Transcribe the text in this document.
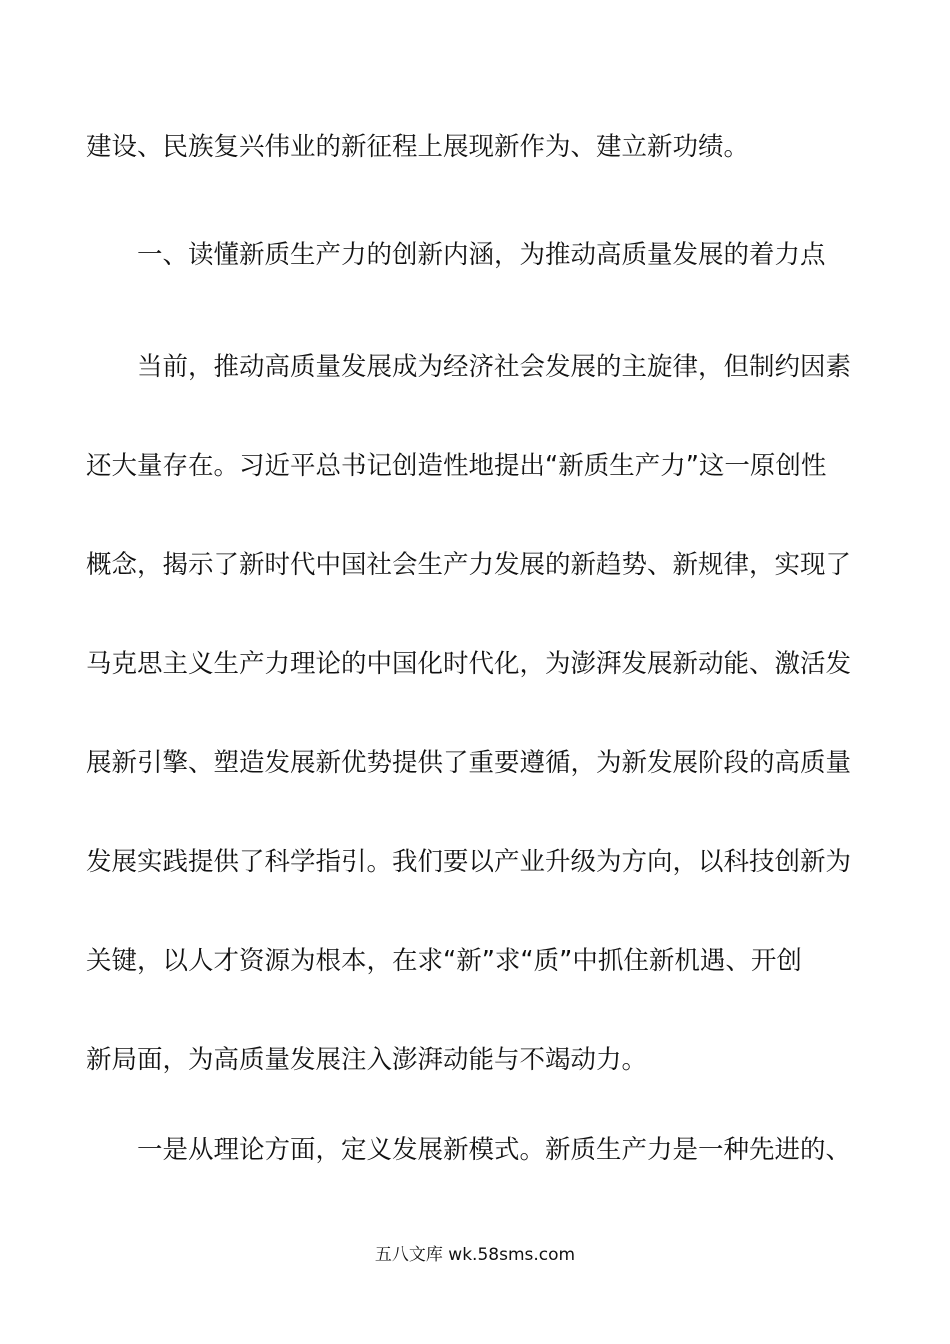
建设、民族复兴伟业的新征程上展现新作为、建立新功绩。
　　一、读懂新质生产力的创新内涵，为推动高质量发展的着力点
　　当前，推动高质量发展成为经济社会发展的主旋律，但制约因素
还大量存在。习近平总书记创造性地提出“新质生产力”这一原创性
概念，揭示了新时代中国社会生产力发展的新趋势、新规律，实现了
马克思主义生产力理论的中国化时代化，为澎湃发展新动能、激活发
展新引擎、塑造发展新优势提供了重要遵循，为新发展阶段的高质量
发展实践提供了科学指引。我们要以产业升级为方向，以科技创新为
关键，以人才资源为根本，在求“新”求“质”中抓住新机遇、开创
新局面，为高质量发展注入澎湃动能与不竭动力。
　　一是从理论方面，定义发展新模式。新质生产力是一种先进的、
五八文库 wk.58sms.com
